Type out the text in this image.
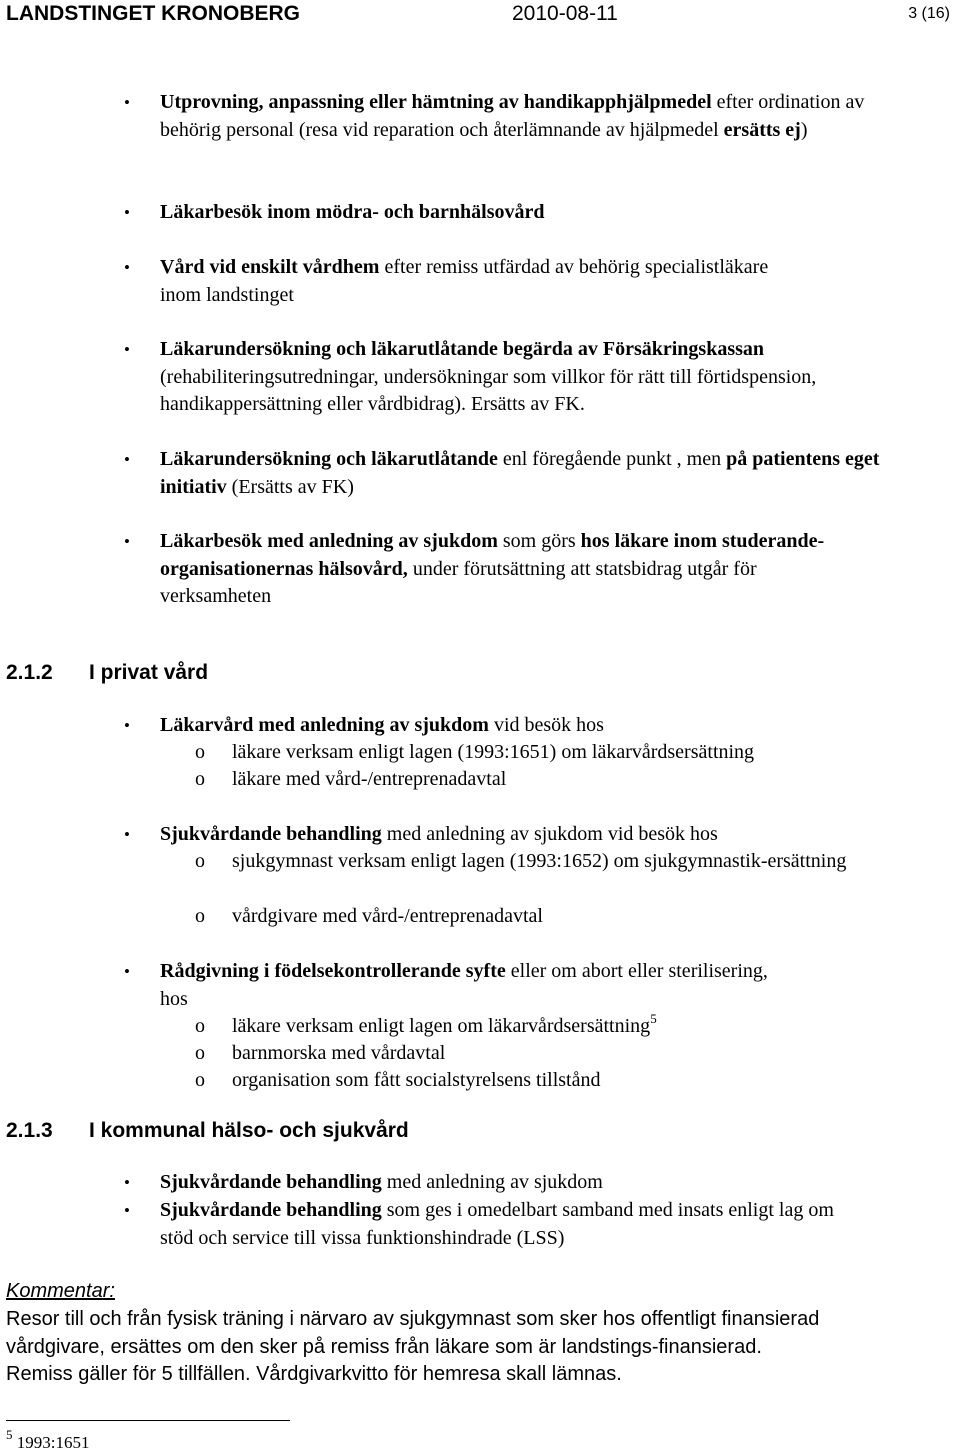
LANDSTINGET KRONOBERG	2010-08-11	3 (16)
• Utprovning, anpassning eller hämtning av handikapphjälpmedel efter ordination av behörig personal (resa vid reparation och återlämnande av hjälpmedel ersätts ej)
• Läkarbesök inom mödra- och barnhälsovård
• Vård vid enskilt vårdhem efter remiss utfärdad av behörig specialistläkare inom landstinget
• Läkarundersökning och läkarutlåtande begärda av Försäkringskassan (rehabiliteringsutredningar, undersökningar som villkor för rätt till förtidspension, handikappersättning eller vårdbidrag). Ersätts av FK.
• Läkarundersökning och läkarutlåtande enl föregående punkt , men på patientens eget initiativ (Ersätts av FK)
• Läkarbesök med anledning av sjukdom som görs hos läkare inom studerande- organisationernas hälsovård, under förutsättning att statsbidrag utgår för verksamheten
2.1.2 I privat vård
• Läkarvård med anledning av sjukdom vid besök hos
o läkare verksam enligt lagen (1993:1651) om läkarvårdsersättning
o läkare med vård-/entreprenadavtal
• Sjukvårdande behandling med anledning av sjukdom vid besök hos
o sjukgymnast verksam enligt lagen (1993:1652) om sjukgymnastik-ersättning
o vårdgivare med vård-/entreprenadavtal
• Rådgivning i födelsekontrollerande syfte eller om abort eller sterilisering, hos
o läkare verksam enligt lagen om läkarvårdsersättning$^5$
o barnmorska med vårdavtal
o organisation som fått socialstyrelsens tillstånd
2.1.3 I kommunal hälso- och sjukvård
• Sjukvårdande behandling med anledning av sjukdom
• Sjukvårdande behandling som ges i omedelbart samband med insats enligt lag om stöd och service till vissa funktionshindrade (LSS)
Kommentar:
Resor till och från fysisk träning i närvaro av sjukgymnast som sker hos offentligt finansierad vårdgivare, ersättes om den sker på remiss från läkare som är landstings-finansierad. Remiss gäller för 5 tillfällen. Vårdgivarkvitto för hemresa skall lämnas.
$^5$ 1993:1651
